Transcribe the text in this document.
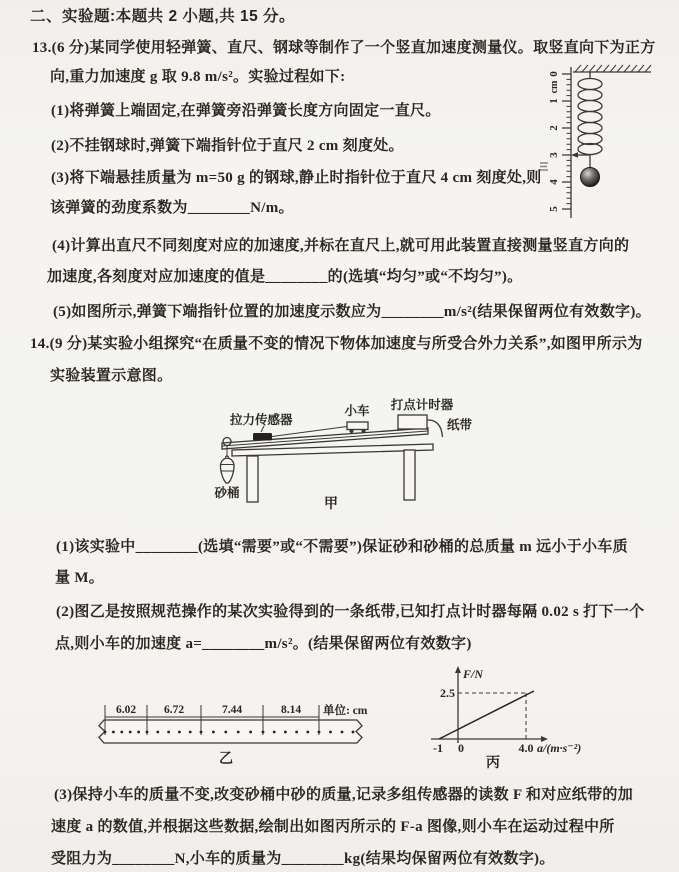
二、实验题:本题共 2 小题,共 15 分。
13.(6 分)某同学使用轻弹簧、直尺、钢球等制作了一个竖直加速度测量仪。取竖直向下为正方
向,重力加速度 g 取 9.8 m/s²。实验过程如下:
(1)将弹簧上端固定,在弹簧旁沿弹簧长度方向固定一直尺。
(2)不挂钢球时,弹簧下端指针位于直尺 2 cm 刻度处。
(3)将下端悬挂质量为 m=50 g 的钢球,静止时指针位于直尺 4 cm 刻度处,则
该弹簧的劲度系数为________N/m。
(4)计算出直尺不同刻度对应的加速度,并标在直尺上,就可用此装置直接测量竖直方向的
加速度,各刻度对应加速度的值是________的(选填“均匀”或“不均匀”)。
(5)如图所示,弹簧下端指针位置的加速度示数应为________m/s²(结果保留两位有效数字)。
14.(9 分)某实验小组探究“在质量不变的情况下物体加速度与所受合外力关系”,如图甲所示为
实验装置示意图。
(1)该实验中________(选填“需要”或“不需要”)保证砂和砂桶的总质量 m 远小于小车质
量 M。
(2)图乙是按照规范操作的某次实验得到的一条纸带,已知打点计时器每隔 0.02 s 打下一个
点,则小车的加速度 a=________m/s²。(结果保留两位有效数字)
(3)保持小车的质量不变,改变砂桶中砂的质量,记录多组传感器的读数 F 和对应纸带的加
速度 a 的数值,并根据这些数据,绘制出如图丙所示的 F-a 图像,则小车在运动过程中所
受阻力为________N,小车的质量为________kg(结果均保留两位有效数字)。
0
cm
1
2
3
4
5
拉力传感器
小车 打点计时器
纸带
砂桶
甲
6.02 6.72	7.44	8.14 单位: cm
乙
F/N
2.5
-1 0	4.0 a/(m·s⁻²)
丙
